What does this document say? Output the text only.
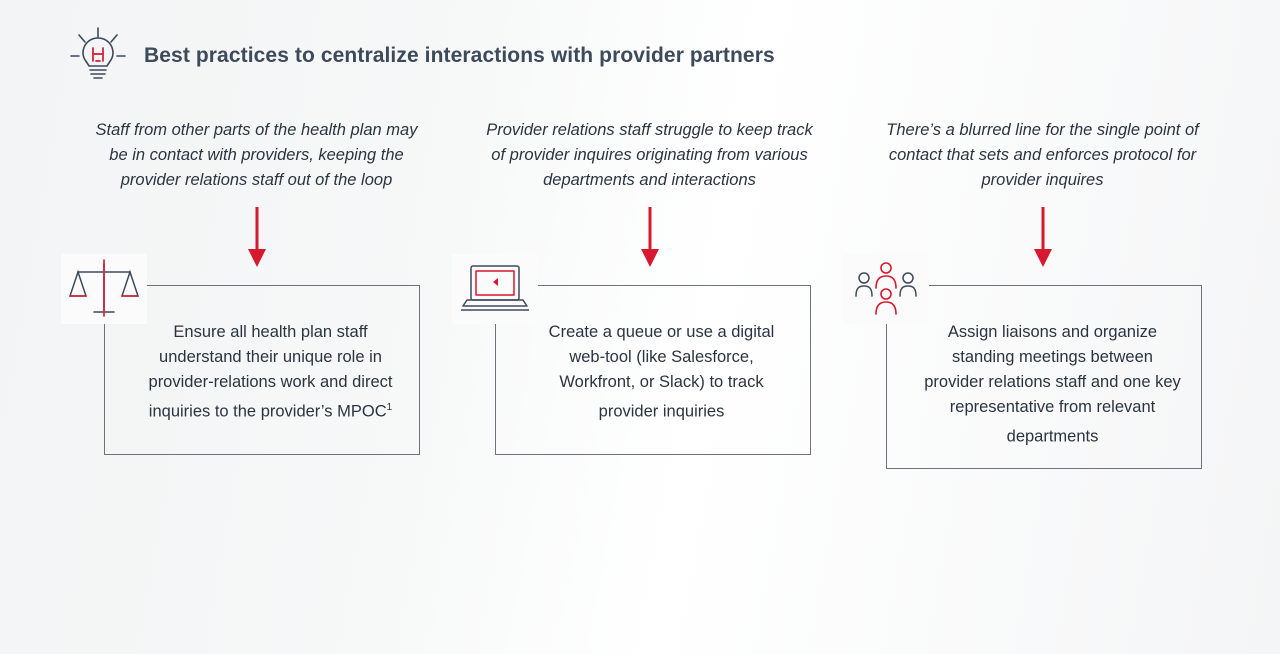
Best practices to centralize interactions with provider partners
Staff from other parts of the health plan may be in contact with providers, keeping the provider relations staff out of the loop
Ensure all health plan staff understand their unique role in provider-relations work and direct inquiries to the provider’s MPOC$^1$
Provider relations staff struggle to keep track of provider inquires originating from various departments and interactions
Create a queue or use a digital web-tool (like Salesforce, Workfront, or Slack) to track provider inquiries
There’s a blurred line for the single point of contact that sets and enforces protocol for provider inquires
Assign liaisons and organize standing meetings between provider relations staff and one key representative from relevant departments
